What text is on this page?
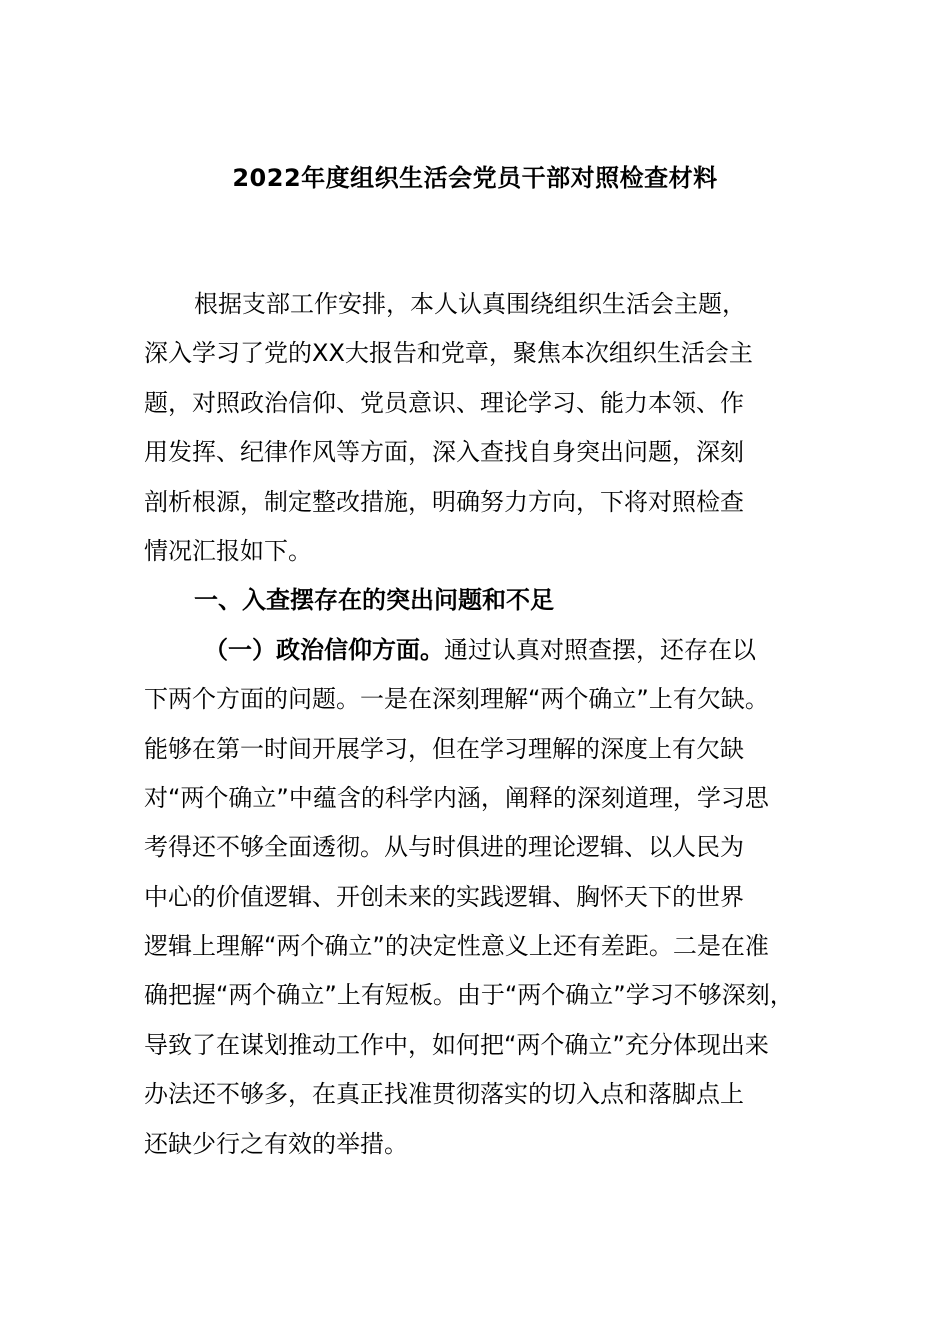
2022年度组织生活会党员干部对照检查材料
根据支部工作安排，本人认真围绕组织生活会主题，
深入学习了党的XX大报告和党章，聚焦本次组织生活会主
题，对照政治信仰、党员意识、理论学习、能力本领、作
用发挥、纪律作风等方面，深入查找自身突出问题，深刻
剖析根源，制定整改措施，明确努力方向，下将对照检查
情况汇报如下。
一、入查摆存在的突出问题和不足
（一）政治信仰方面。通过认真对照查摆，还存在以
下两个方面的问题。一是在深刻理解“两个确立”上有欠缺。
能够在第一时间开展学习，但在学习理解的深度上有欠缺
对“两个确立”中蕴含的科学内涵，阐释的深刻道理，学习思
考得还不够全面透彻。从与时俱进的理论逻辑、以人民为
中心的价值逻辑、开创未来的实践逻辑、胸怀天下的世界
逻辑上理解“两个确立”的决定性意义上还有差距。二是在准
确把握“两个确立”上有短板。由于“两个确立”学习不够深刻，
导致了在谋划推动工作中，如何把“两个确立”充分体现出来
办法还不够多，在真正找准贯彻落实的切入点和落脚点上
还缺少行之有效的举措。
